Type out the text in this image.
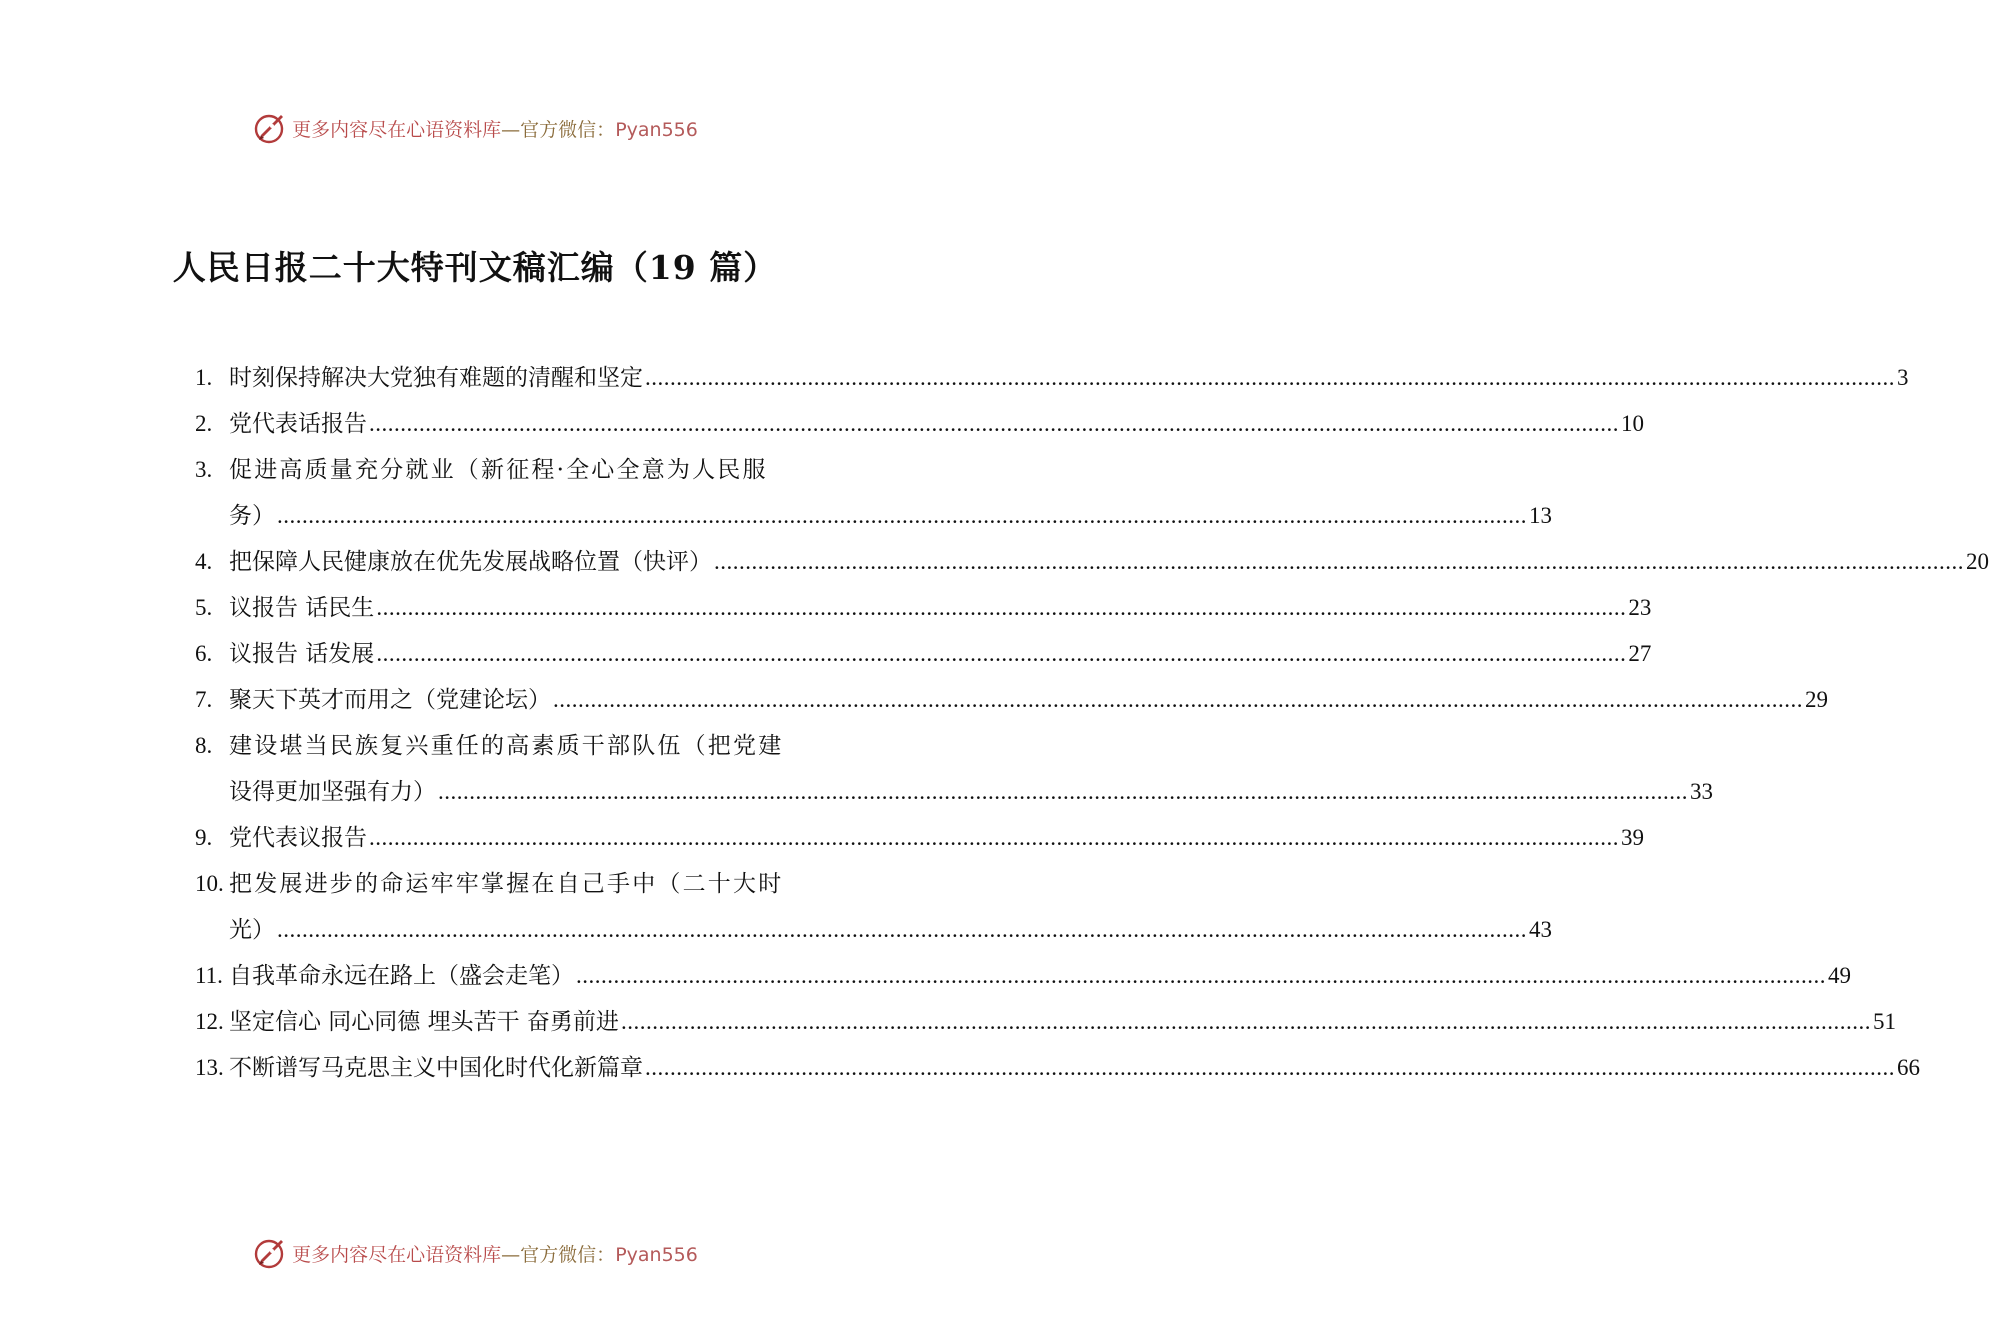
更多内容尽在心语资料库—官方微信：Pyan556
人民日报二十大特刊文稿汇编（19 篇）
1. 时刻保持解决大党独有难题的清醒和坚定 ........................................................................................................................................................................................................ 3
2. 党代表话报告 ........................................................................................................................................................................................................ 10
3. 促进高质量充分就业（新征程·全心全意为人民服
务） ........................................................................................................................................................................................................ 13
4. 把保障人民健康放在优先发展战略位置（快评） ........................................................................................................................................................................................................ 20
5. 议报告 话民生 ........................................................................................................................................................................................................ 23
6. 议报告 话发展 ........................................................................................................................................................................................................ 27
7. 聚天下英才而用之（党建论坛） ........................................................................................................................................................................................................ 29
8. 建设堪当民族复兴重任的高素质干部队伍（把党建
设得更加坚强有力） ........................................................................................................................................................................................................ 33
9. 党代表议报告 ........................................................................................................................................................................................................ 39
10. 把发展进步的命运牢牢掌握在自己手中（二十大时
光） ........................................................................................................................................................................................................ 43
11. 自我革命永远在路上（盛会走笔） ........................................................................................................................................................................................................ 49
12. 坚定信心 同心同德 埋头苦干 奋勇前进 ........................................................................................................................................................................................................ 51
13. 不断谱写马克思主义中国化时代化新篇章 ........................................................................................................................................................................................................ 66
更多内容尽在心语资料库—官方微信：Pyan556
